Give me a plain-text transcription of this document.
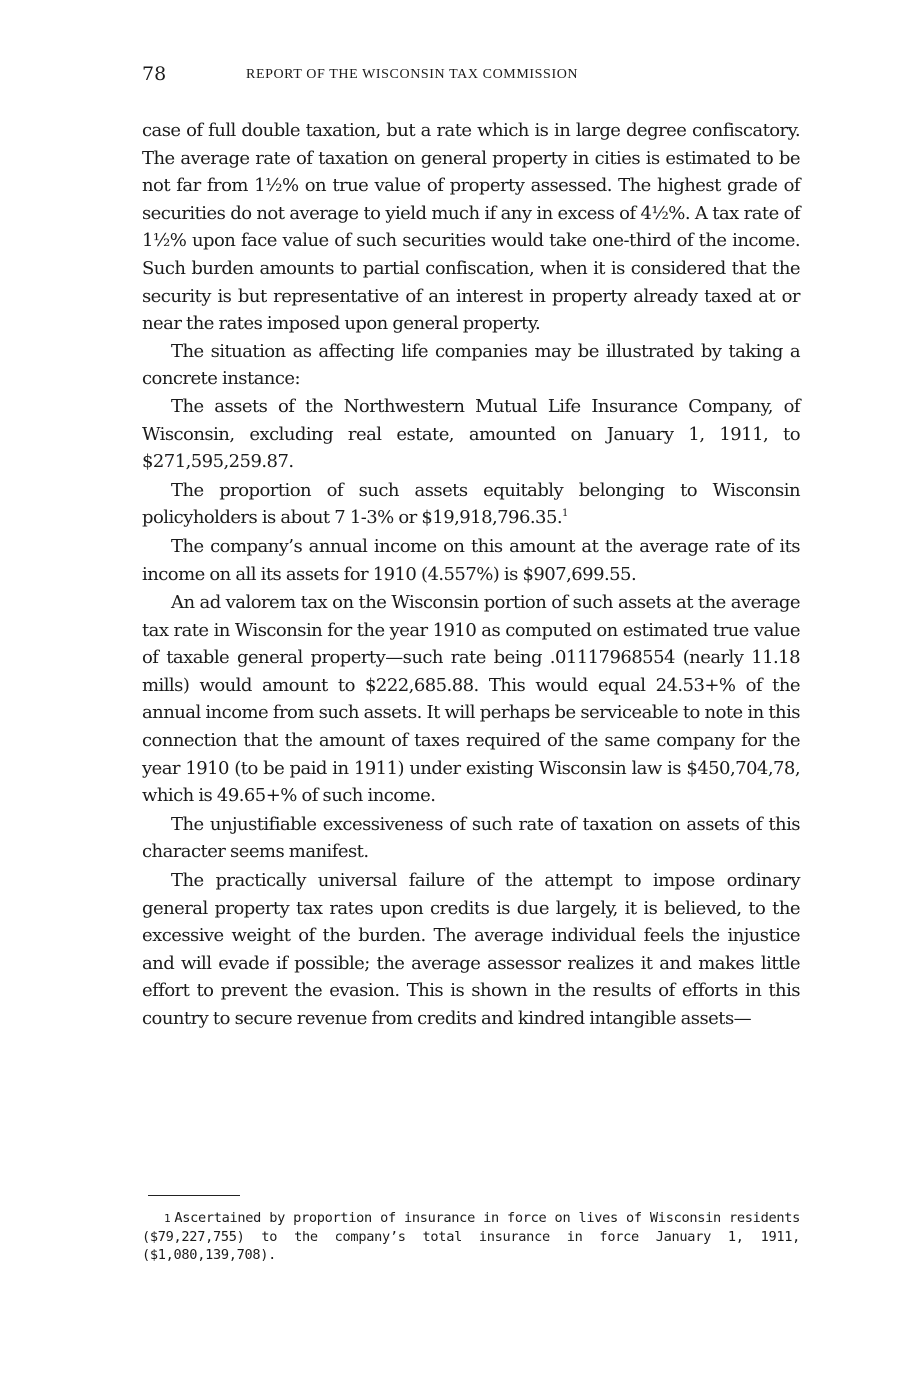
78	REPORT OF THE WISCONSIN TAX COMMISSION

case of full double taxation, but a rate which is in large degree confiscatory. The average rate of taxation on general property in cities is estimated to be not far from 1½% on true value of property assessed. The highest grade of securities do not average to yield much if any in excess of 4½%. A tax rate of 1½% upon face value of such securities would take one-third of the income. Such burden amounts to partial confiscation, when it is considered that the security is but representative of an interest in property already taxed at or near the rates imposed upon general property.

The situation as affecting life companies may be illustrated by taking a concrete instance:

The assets of the Northwestern Mutual Life Insurance Company, of Wisconsin, excluding real estate, amounted on January 1, 1911, to $271,595,259.87.

The proportion of such assets equitably belonging to Wisconsin policyholders is about 7 1-3% or $19,918,796.35.$^1$

The company’s annual income on this amount at the average rate of its income on all its assets for 1910 (4.557%) is $907,699.55.

An ad valorem tax on the Wisconsin portion of such assets at the average tax rate in Wisconsin for the year 1910 as computed on estimated true value of taxable general property—such rate being .01117968554 (nearly 11.18 mills) would amount to $222,685.88. This would equal 24.53+% of the annual income from such assets. It will perhaps be serviceable to note in this connection that the amount of taxes required of the same company for the year 1910 (to be paid in 1911) under existing Wisconsin law is $450,704,78, which is 49.65+% of such income.

The unjustifiable excessiveness of such rate of taxation on assets of this character seems manifest.

The practically universal failure of the attempt to impose ordinary general property tax rates upon credits is due largely, it is believed, to the excessive weight of the burden. The average individual feels the injustice and will evade if possible; the average assessor realizes it and makes little effort to prevent the evasion. This is shown in the results of efforts in this country to secure revenue from credits and kindred intangible assets—

1 Ascertained by proportion of insurance in force on lives of Wisconsin residents ($79,227,755) to the company’s total insurance in force January 1, 1911, ($1,080,139,708).
